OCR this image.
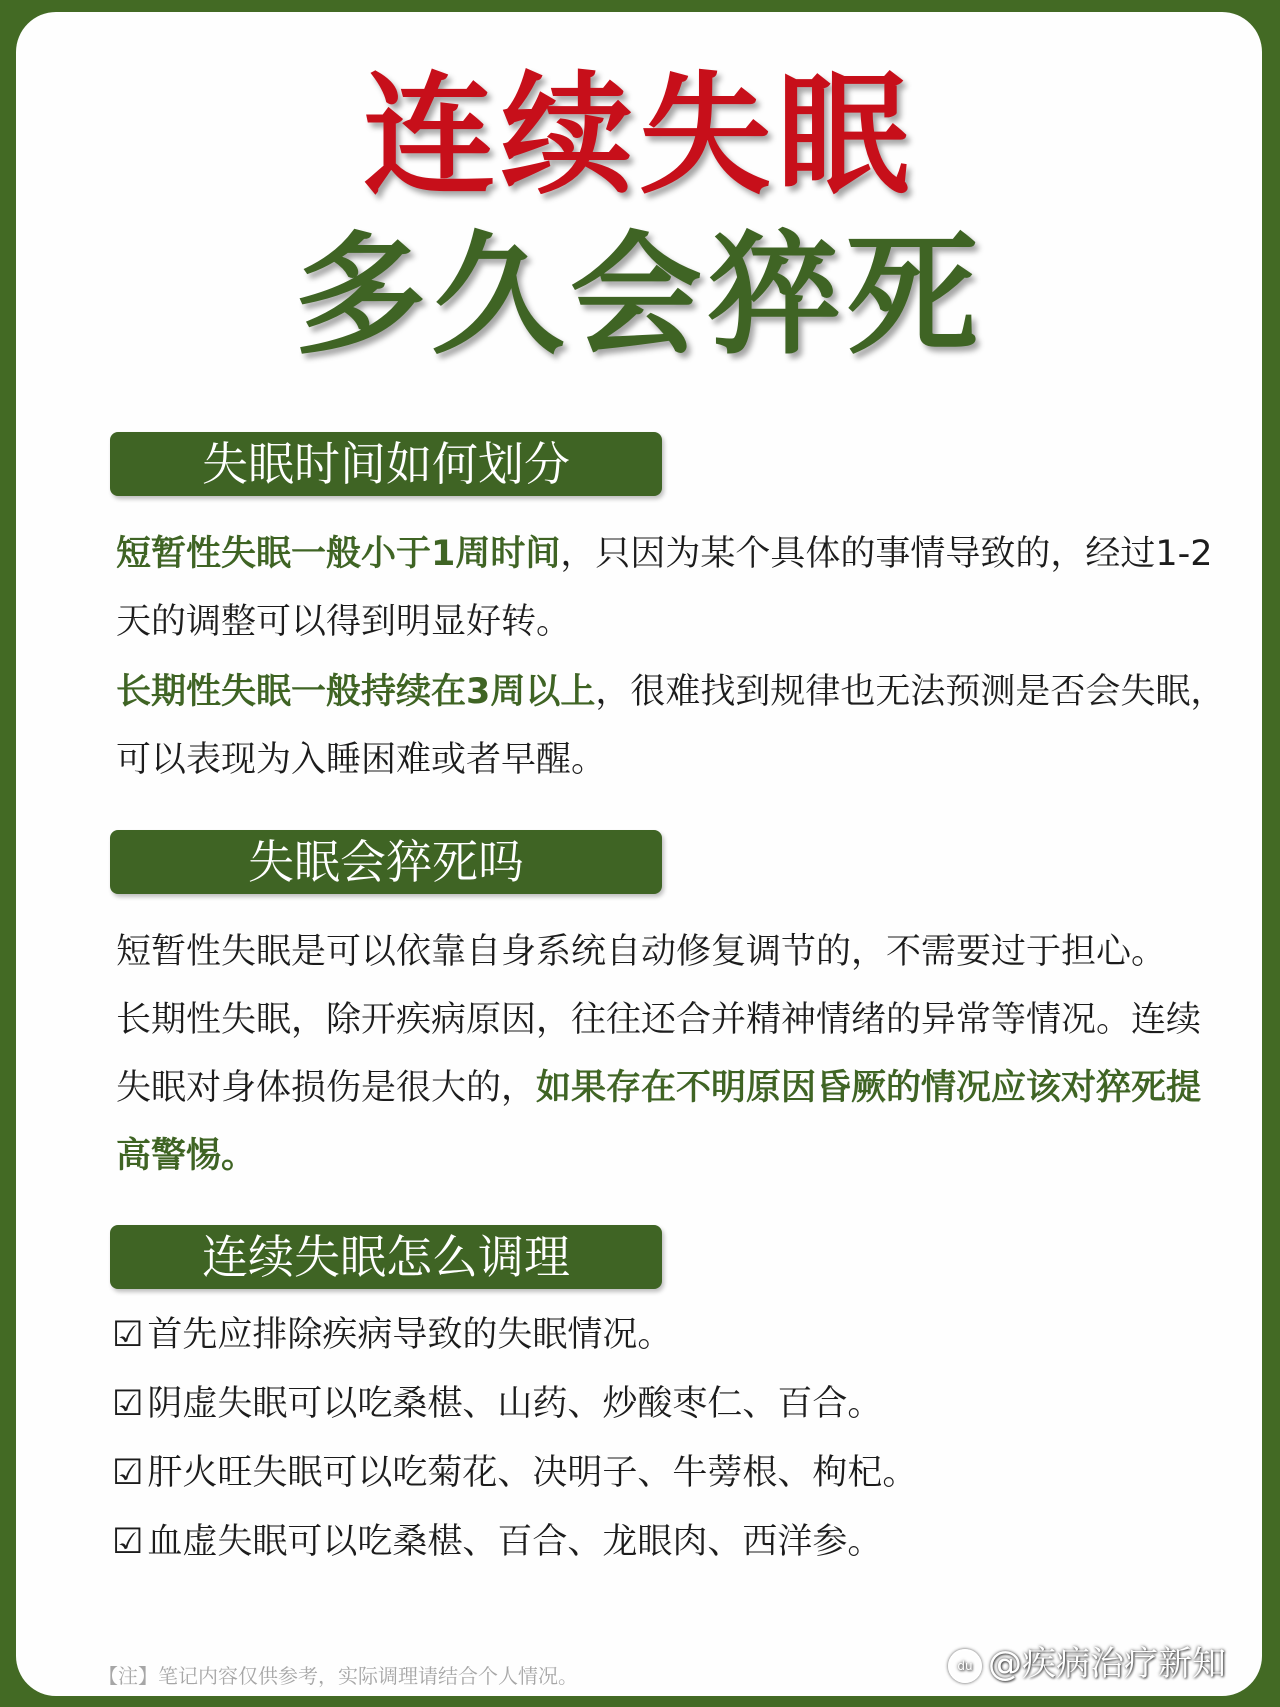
连续失眠
多久会猝死
失眠时间如何划分
短暂性失眠一般小于1周时间，只因为某个具体的事情导致的，经过1-2天的调整可以得到明显好转。
长期性失眠一般持续在3周以上，很难找到规律也无法预测是否会失眠，可以表现为入睡困难或者早醒。
失眠会猝死吗
短暂性失眠是可以依靠自身系统自动修复调节的，不需要过于担心。
长期性失眠，除开疾病原因，往往还合并精神情绪的异常等情况。连续失眠对身体损伤是很大的，如果存在不明原因昏厥的情况应该对猝死提高警惕。
连续失眠怎么调理
☑ 首先应排除疾病导致的失眠情况。
☑ 阴虚失眠可以吃桑椹、山药、炒酸枣仁、百合。
☑ 肝火旺失眠可以吃菊花、决明子、牛蒡根、枸杞。
☑ 血虚失眠可以吃桑椹、百合、龙眼肉、西洋参。
【注】笔记内容仅供参考，实际调理请结合个人情况。	du @疾病治疗新知
